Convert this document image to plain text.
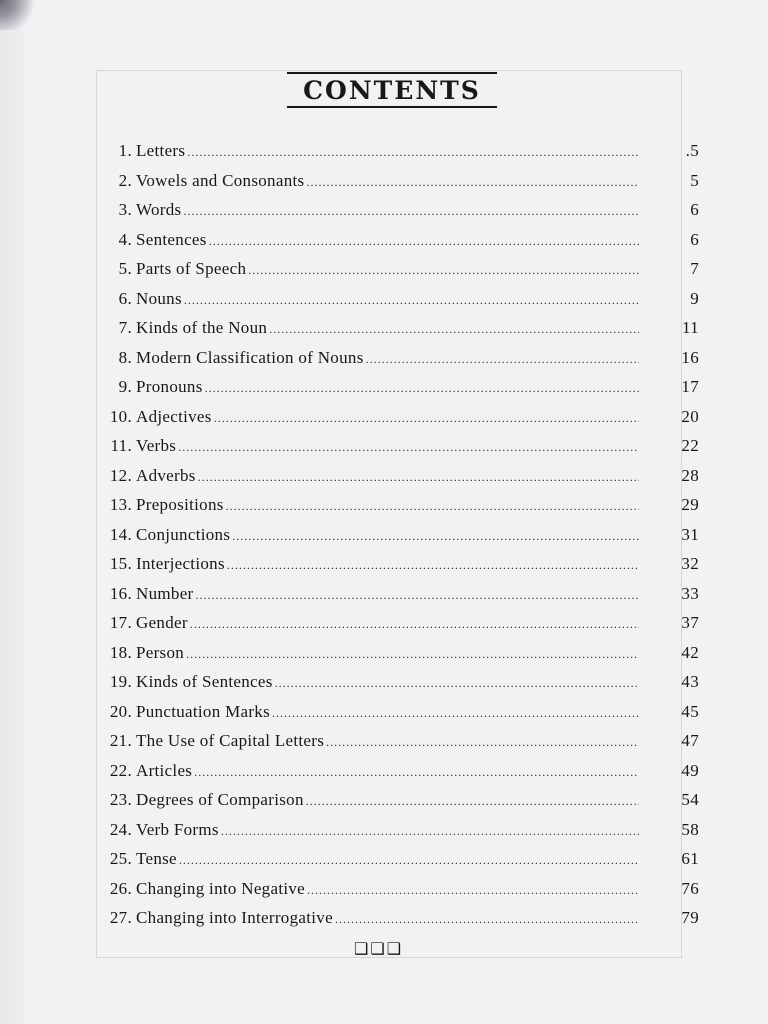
CONTENTS
1. Letters .....	.5
2. Vowels and Consonants .....	5
3. Words .....	6
4. Sentences .....	6
5. Parts of Speech .....	7
6. Nouns .....	9
7. Kinds of the Noun .....	11
8. Modern Classification of Nouns .....	16
9. Pronouns .....	17
10. Adjectives .....	20
11. Verbs .....	22
12. Adverbs .....	28
13. Prepositions .....	29
14. Conjunctions .....	31
15. Interjections .....	32
16. Number .....	33
17. Gender .....	37
18. Person .....	42
19. Kinds of Sentences .....	43
20. Punctuation Marks .....	45
21. The Use of Capital Letters .....	47
22. Articles .....	49
23. Degrees of Comparison .....	54
24. Verb Forms .....	58
25. Tense .....	61
26. Changing into Negative .....	76
27. Changing into Interrogative .....	79
❑❑❑
